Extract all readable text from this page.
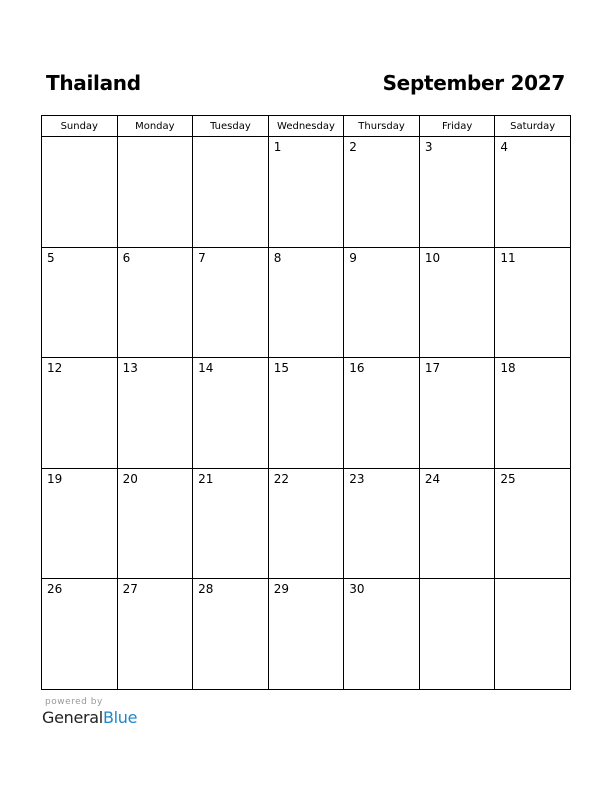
Thailand	September 2027
Sunday	Monday	Tuesday	Wednesday	Thursday	Friday	Saturday

			1	2	3	4

5	6	7	8	9	10	11

12	13	14	15	16	17	18

19	20	21	22	23	24	25

26	27	28	29	30		

powered by
GeneralBlue
